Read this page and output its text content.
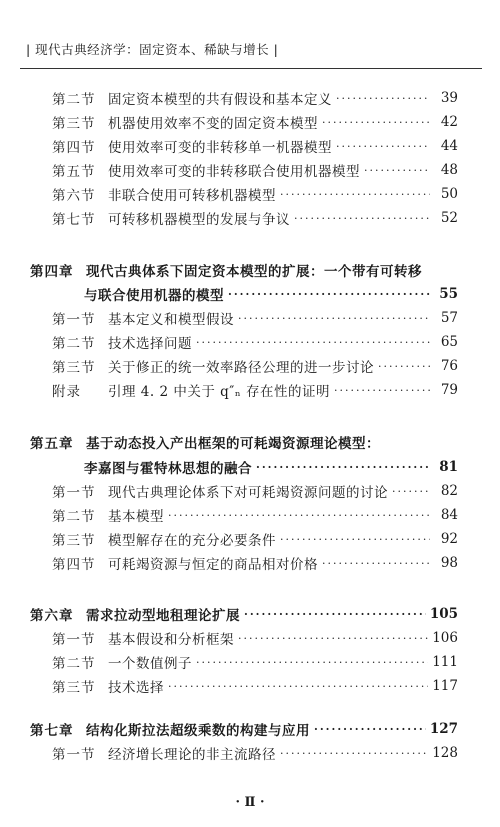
| 现代古典经济学：固定资本、稀缺与增长 |
第二节 固定资本模型的共有假设和基本定义 ·····	39
第三节 机器使用效率不变的固定资本模型 ·····	42
第四节 使用效率可变的非转移单一机器模型 ·····	44
第五节 使用效率可变的非转移联合使用机器模型 ·····	48
第六节 非联合使用可转移机器模型 ·····	50
第七节 可转移机器模型的发展与争议 ·····	52
第四章 现代古典体系下固定资本模型的扩展：一个带有可转移
与联合使用机器的模型 ·····	55
第一节 基本定义和模型假设 ·····	57
第二节 技术选择问题 ·····	65
第三节 关于修正的统一效率路径公理的进一步讨论 ·····	76
附录	引理 4. 2 中关于 q″ₙ 存在性的证明 ·····	79
第五章 基于动态投入产出框架的可耗竭资源理论模型：
李嘉图与霍特林思想的融合 ·····	81
第一节 现代古典理论体系下对可耗竭资源问题的讨论 ·····	82
第二节 基本模型 ·····	84
第三节 模型解存在的充分必要条件 ·····	92
第四节 可耗竭资源与恒定的商品相对价格 ·····	98
第六章 需求拉动型地租理论扩展 ·····	105
第一节 基本假设和分析框架 ·····	106
第二节 一个数值例子 ·····	111
第三节 技术选择 ·····	117
第七章 结构化斯拉法超级乘数的构建与应用 ·····	127
第一节 经济增长理论的非主流路径 ·····	128
· Ⅱ ·
